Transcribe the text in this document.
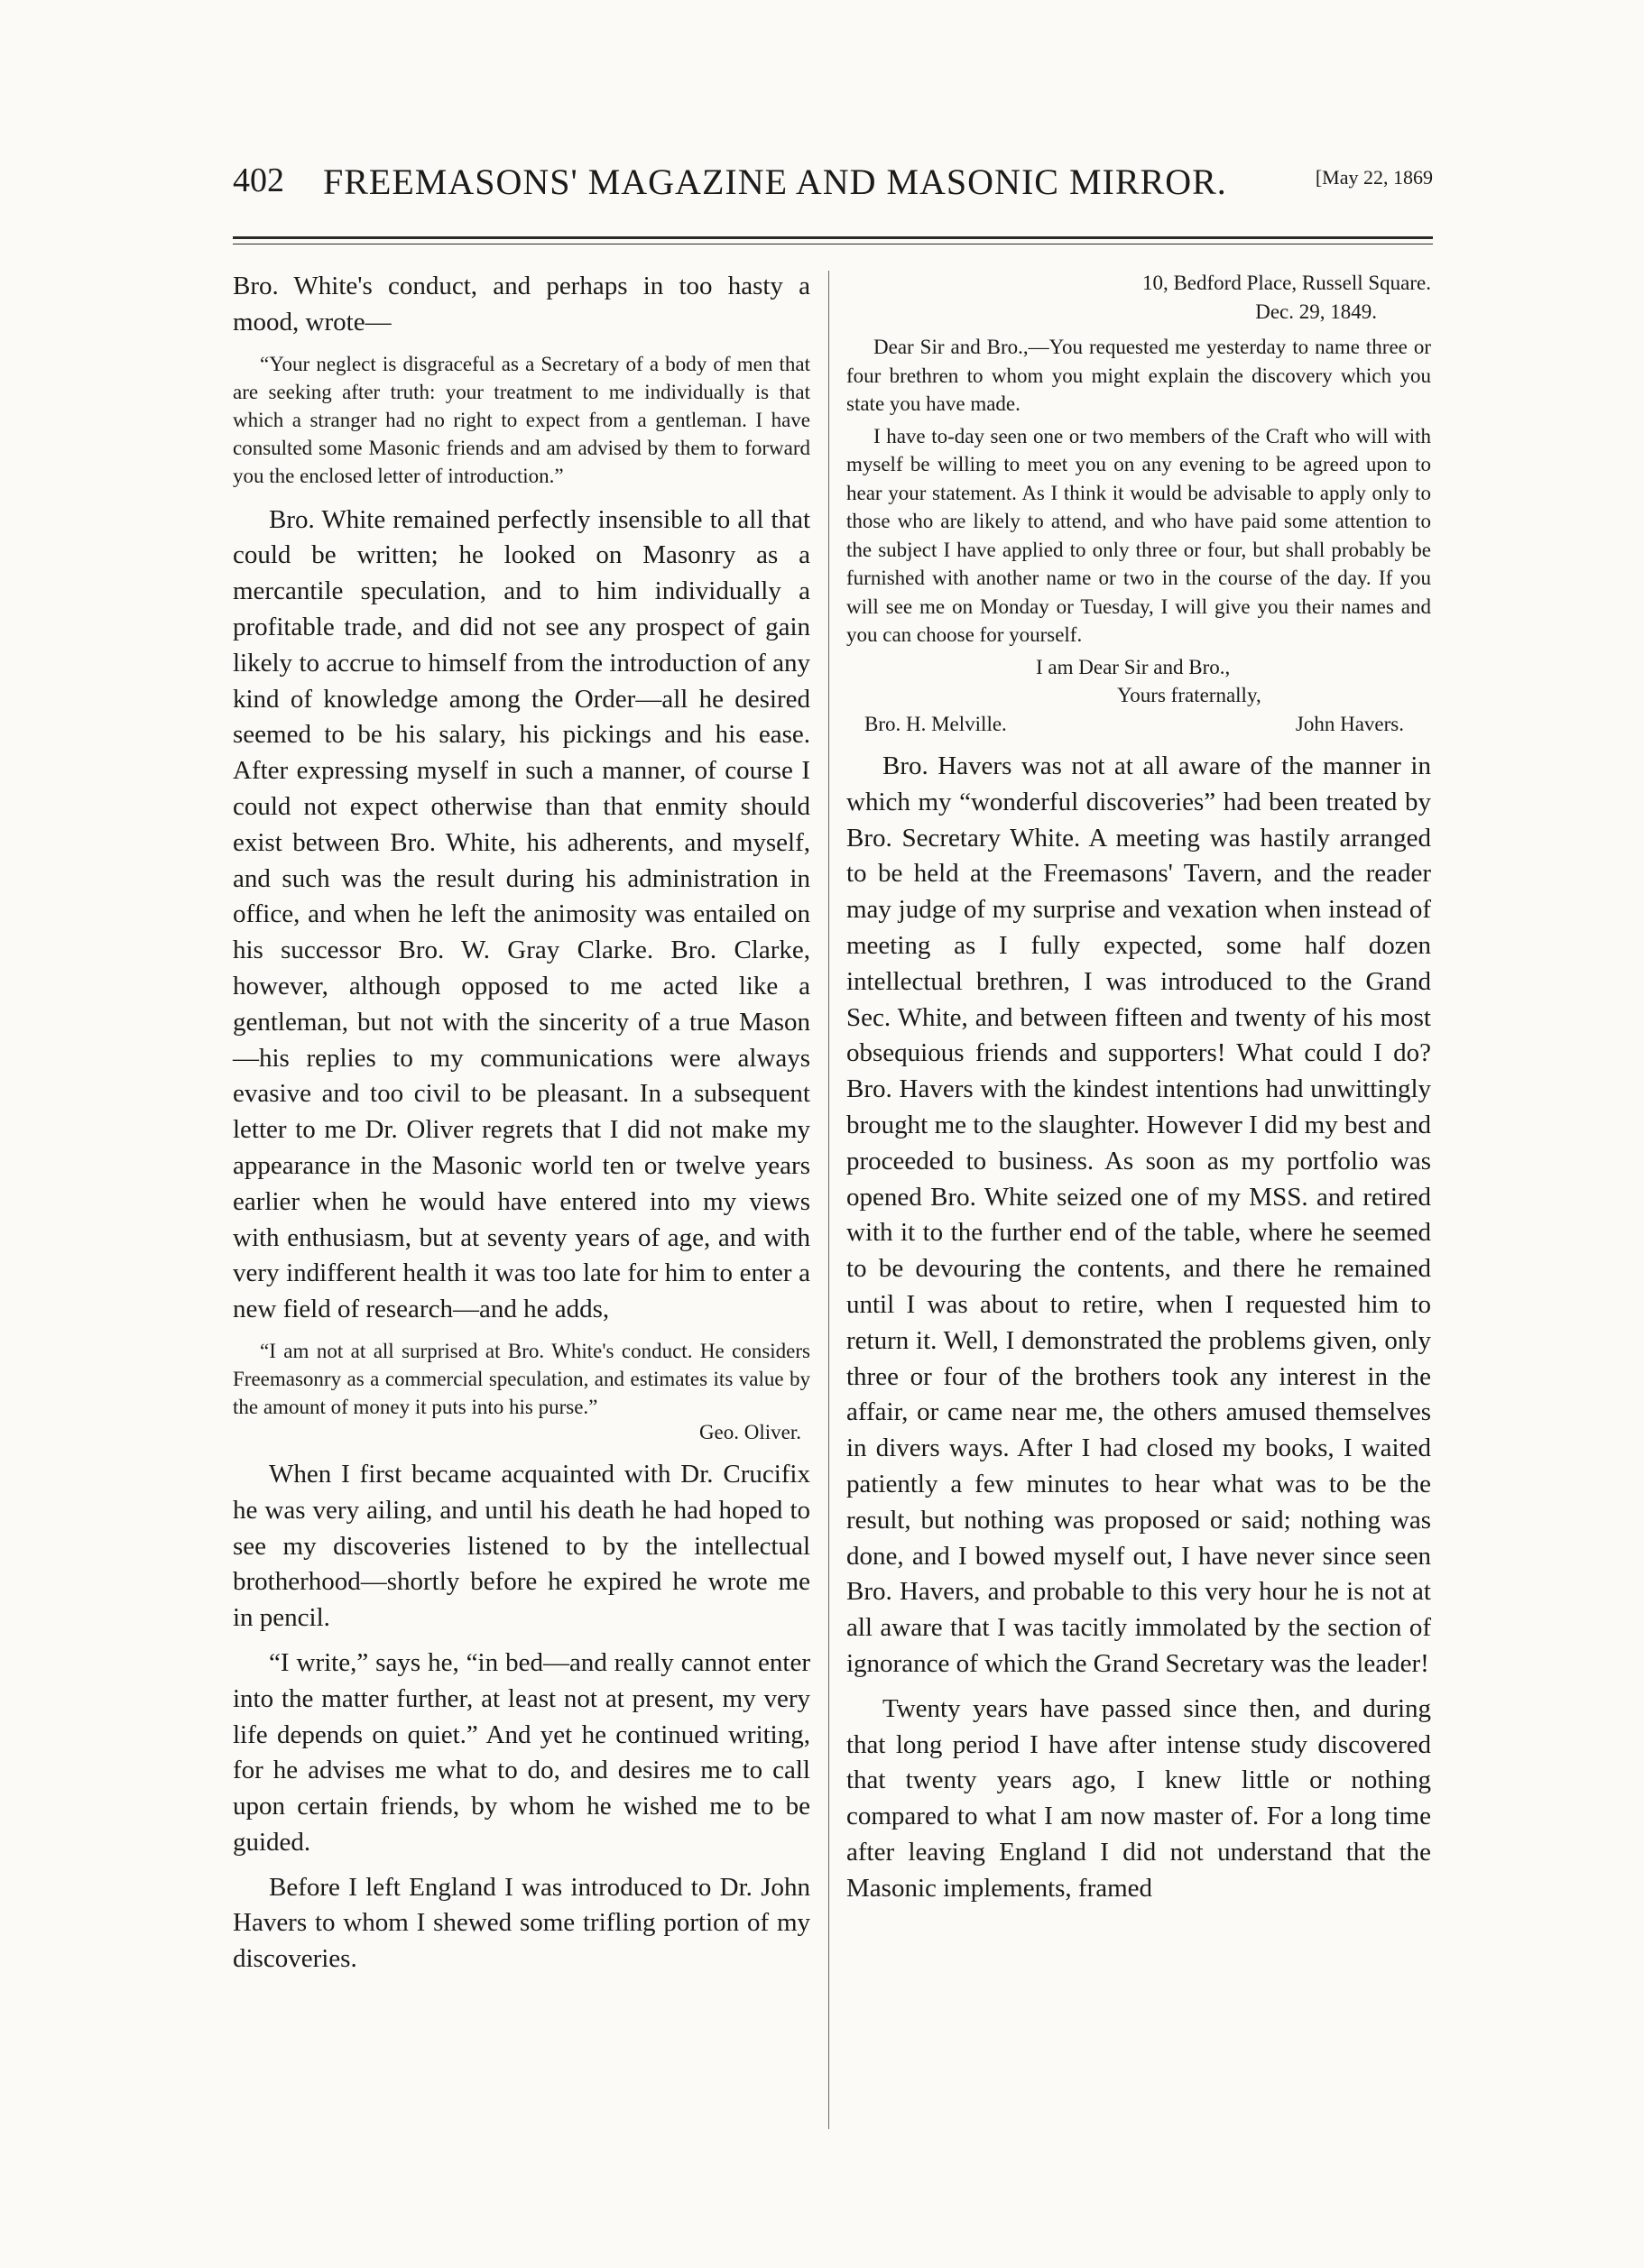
402 FREEMASONS' MAGAZINE AND MASONIC MIRROR.	[May 22, 1869

Bro. White's conduct, and perhaps in too hasty a mood, wrote—

“Your neglect is disgraceful as a Secretary of a body of men that are seeking after truth: your treatment to me individually is that which a stranger had no right to expect from a gentleman. I have consulted some Masonic friends and am advised by them to forward you the enclosed letter of introduction.”

Bro. White remained perfectly insensible to all that could be written; he looked on Masonry as a mercantile speculation, and to him individually a profitable trade, and did not see any prospect of gain likely to accrue to himself from the introduction of any kind of knowledge among the Order—all he desired seemed to be his salary, his pickings and his ease. After expressing myself in such a manner, of course I could not expect otherwise than that enmity should exist between Bro. White, his adherents, and myself, and such was the result during his administration in office, and when he left the animosity was entailed on his successor Bro. W. Gray Clarke. Bro. Clarke, however, although opposed to me acted like a gentleman, but not with the sincerity of a true Mason—his replies to my communications were always evasive and too civil to be pleasant. In a subsequent letter to me Dr. Oliver regrets that I did not make my appearance in the Masonic world ten or twelve years earlier when he would have entered into my views with enthusiasm, but at seventy years of age, and with very indifferent health it was too late for him to enter a new field of research—and he adds,

“I am not at all surprised at Bro. White's conduct. He considers Freemasonry as a commercial speculation, and estimates its value by the amount of money it puts into his purse.”

Geo. Oliver.

When I first became acquainted with Dr. Crucifix he was very ailing, and until his death he had hoped to see my discoveries listened to by the intellectual brotherhood—shortly before he expired he wrote me in pencil.

“I write,” says he, “in bed—and really cannot enter into the matter further, at least not at present, my very life depends on quiet.” And yet he continued writing, for he advises me what to do, and desires me to call upon certain friends, by whom he wished me to be guided.

Before I left England I was introduced to Dr. John Havers to whom I shewed some trifling portion of my discoveries.

10, Bedford Place, Russell Square.

Dec. 29, 1849.

Dear Sir and Bro.,—You requested me yesterday to name three or four brethren to whom you might explain the discovery which you state you have made.

I have to-day seen one or two members of the Craft who will with myself be willing to meet you on any evening to be agreed upon to hear your statement. As I think it would be advisable to apply only to those who are likely to attend, and who have paid some attention to the subject I have applied to only three or four, but shall probably be furnished with another name or two in the course of the day. If you will see me on Monday or Tuesday, I will give you their names and you can choose for yourself.

I am Dear Sir and Bro.,

Yours fraternally,

Bro. H. Melville.	John Havers.

Bro. Havers was not at all aware of the manner in which my “wonderful discoveries” had been treated by Bro. Secretary White. A meeting was hastily arranged to be held at the Freemasons' Tavern, and the reader may judge of my surprise and vexation when instead of meeting as I fully expected, some half dozen intellectual brethren, I was introduced to the Grand Sec. White, and between fifteen and twenty of his most obsequious friends and supporters! What could I do? Bro. Havers with the kindest intentions had unwittingly brought me to the slaughter. However I did my best and proceeded to business. As soon as my portfolio was opened Bro. White seized one of my MSS. and retired with it to the further end of the table, where he seemed to be devouring the contents, and there he remained until I was about to retire, when I requested him to return it. Well, I demonstrated the problems given, only three or four of the brothers took any interest in the affair, or came near me, the others amused themselves in divers ways. After I had closed my books, I waited patiently a few minutes to hear what was to be the result, but nothing was proposed or said; nothing was done, and I bowed myself out, I have never since seen Bro. Havers, and probable to this very hour he is not at all aware that I was tacitly immolated by the section of ignorance of which the Grand Secretary was the leader!

Twenty years have passed since then, and during that long period I have after intense study discovered that twenty years ago, I knew little or nothing compared to what I am now master of. For a long time after leaving England I did not understand that the Masonic implements, framed
